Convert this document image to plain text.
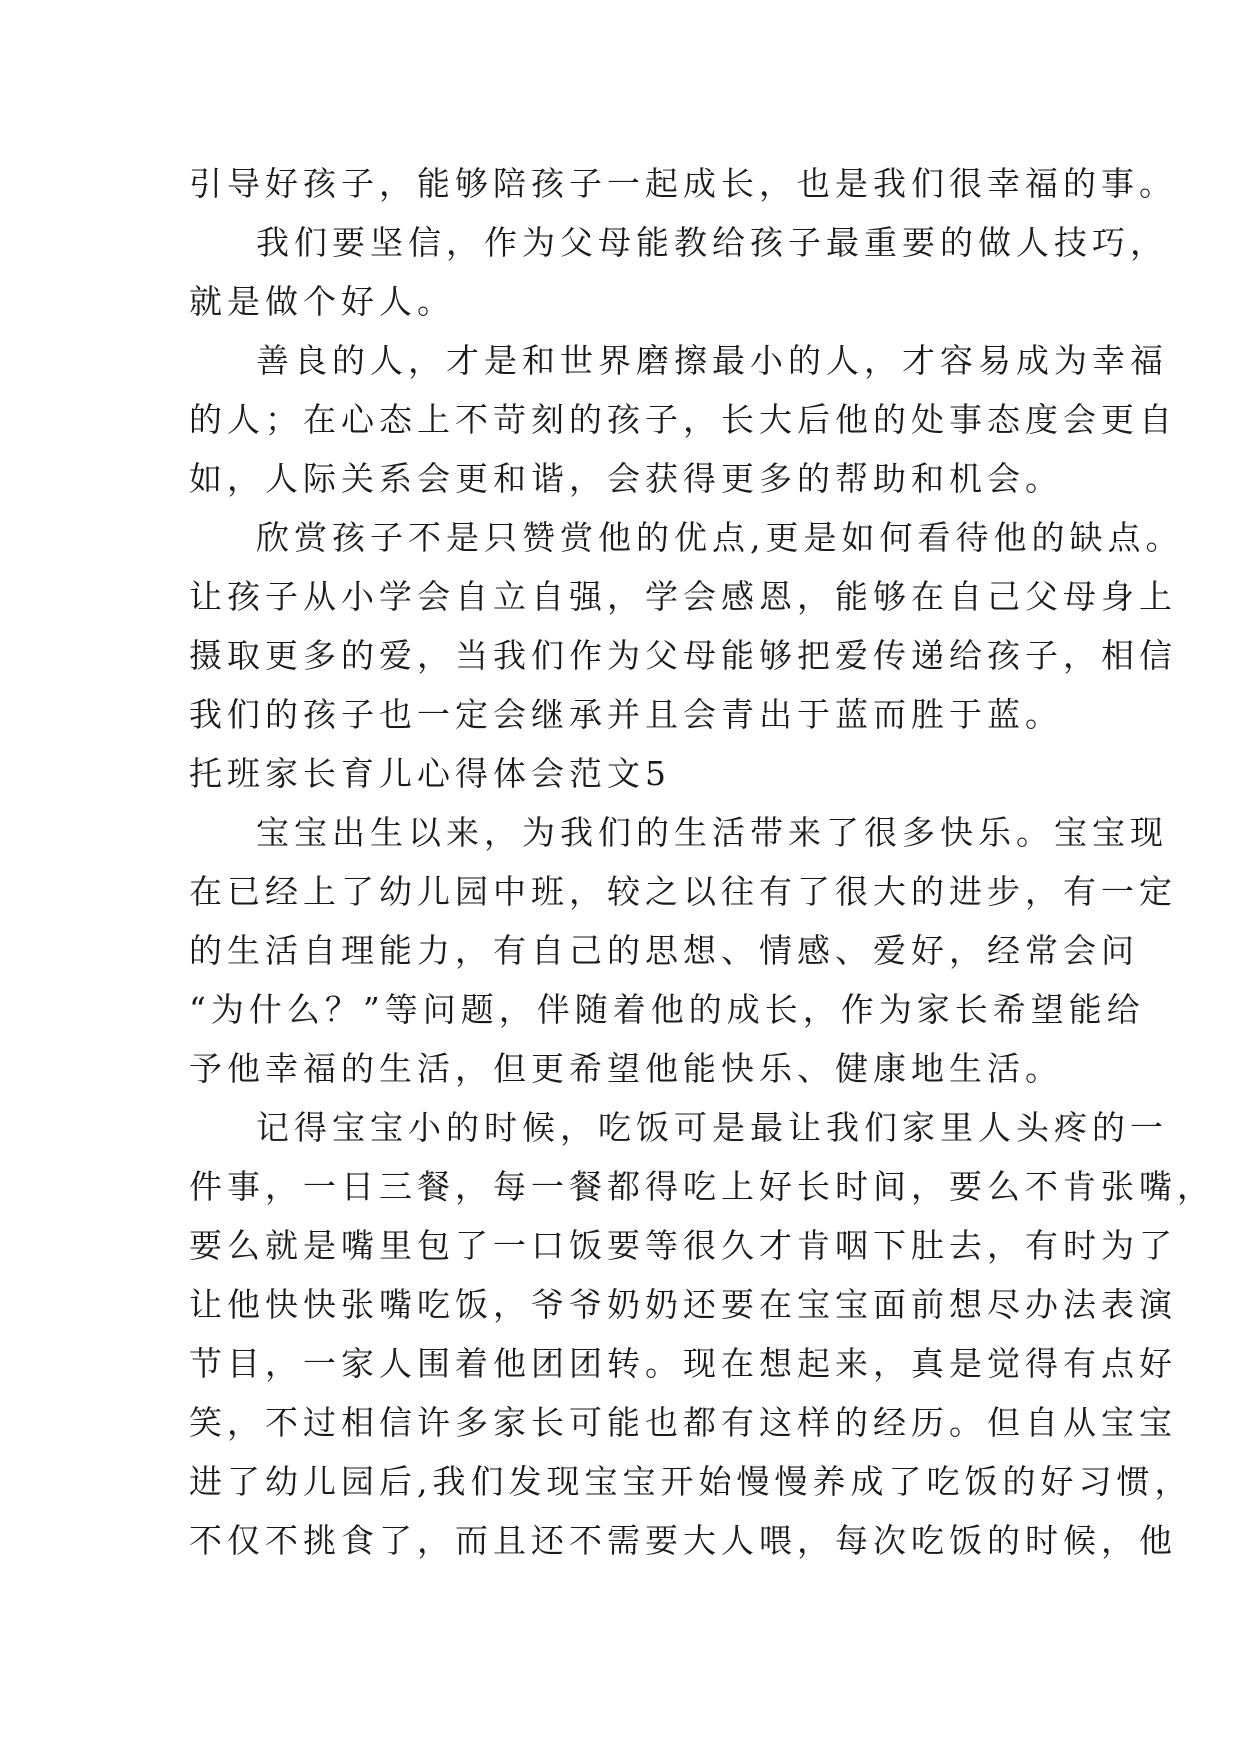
引导好孩子，能够陪孩子一起成长，也是我们很幸福的事。
我们要坚信，作为父母能教给孩子最重要的做人技巧，
就是做个好人。
善良的人，才是和世界磨擦最小的人，才容易成为幸福
的人；在心态上不苛刻的孩子，长大后他的处事态度会更自
如，人际关系会更和谐，会获得更多的帮助和机会。
欣赏孩子不是只赞赏他的优点,更是如何看待他的缺点。
让孩子从小学会自立自强，学会感恩，能够在自己父母身上
摄取更多的爱，当我们作为父母能够把爱传递给孩子，相信
我们的孩子也一定会继承并且会青出于蓝而胜于蓝。
托班家长育儿心得体会范文5
宝宝出生以来，为我们的生活带来了很多快乐。宝宝现
在已经上了幼儿园中班，较之以往有了很大的进步，有一定
的生活自理能力，有自己的思想、情感、爱好，经常会问
“为什么？”等问题，伴随着他的成长，作为家长希望能给
予他幸福的生活，但更希望他能快乐、健康地生活。
记得宝宝小的时候，吃饭可是最让我们家里人头疼的一
件事，一日三餐，每一餐都得吃上好长时间，要么不肯张嘴，
要么就是嘴里包了一口饭要等很久才肯咽下肚去，有时为了
让他快快张嘴吃饭，爷爷奶奶还要在宝宝面前想尽办法表演
节目，一家人围着他团团转。现在想起来，真是觉得有点好
笑，不过相信许多家长可能也都有这样的经历。但自从宝宝
进了幼儿园后,我们发现宝宝开始慢慢养成了吃饭的好习惯，
不仅不挑食了，而且还不需要大人喂，每次吃饭的时候，他
